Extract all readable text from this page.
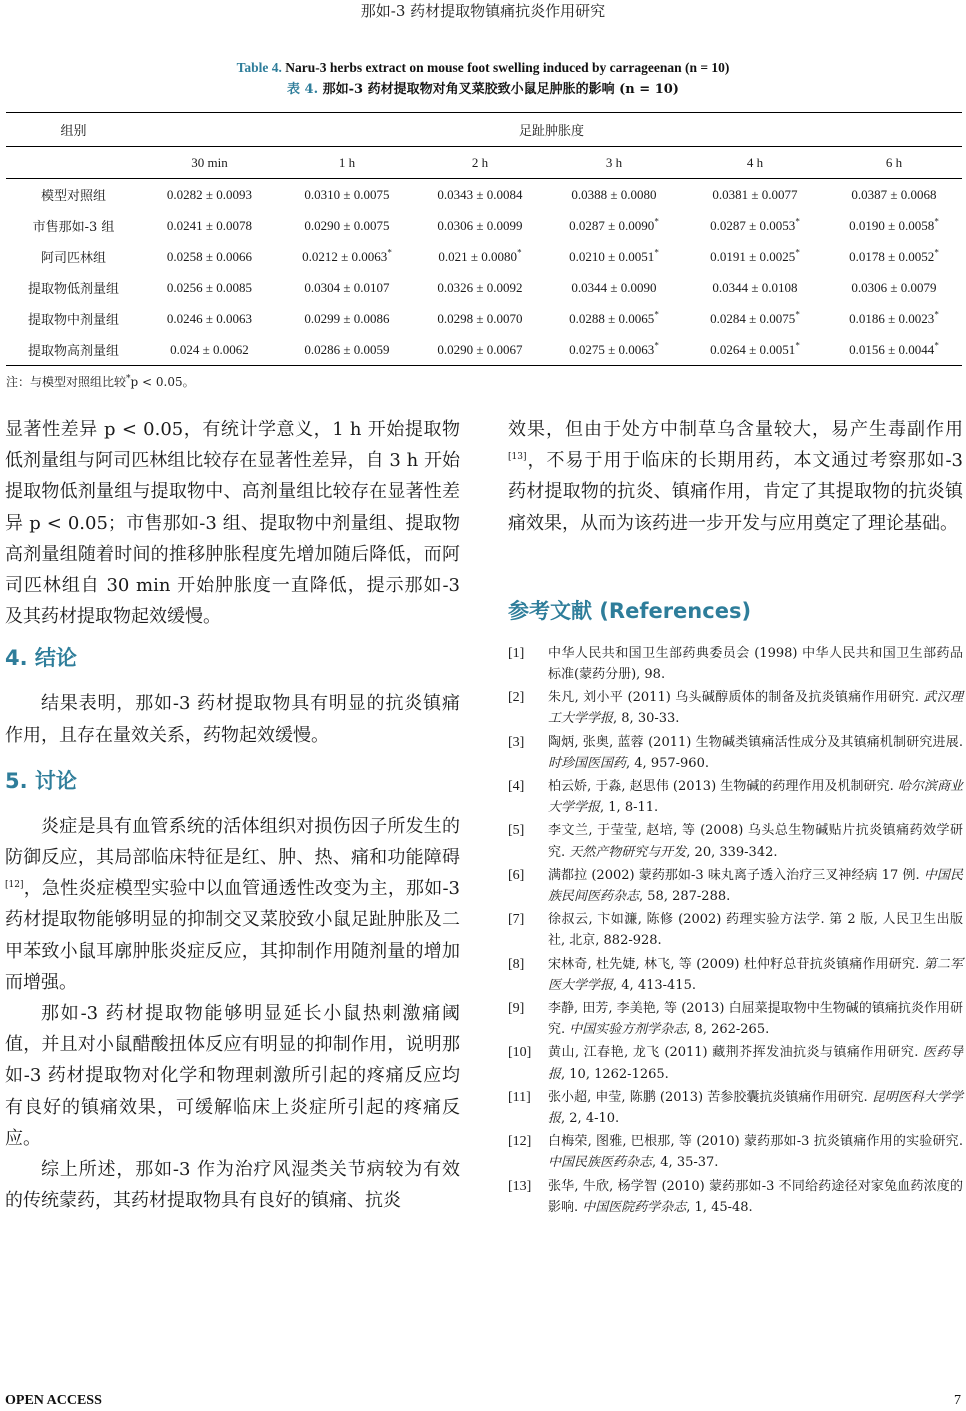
那如-3 药材提取物镇痛抗炎作用研究
Table 4. Naru-3 herbs extract on mouse foot swelling induced by carrageenan (n = 10)
表 4. 那如-3 药材提取物对角叉菜胶致小鼠足肿胀的影响 (n = 10)
组别	足趾肿胀度					
	30 min	1 h	2 h	3 h	4 h	6 h
模型对照组	0.0282 ± 0.0093	0.0310 ± 0.0075	0.0343 ± 0.0084	0.0388 ± 0.0080	0.0381 ± 0.0077	0.0387 ± 0.0068
市售那如-3 组	0.0241 ± 0.0078	0.0290 ± 0.0075	0.0306 ± 0.0099	0.0287 ± 0.0090*	0.0287 ± 0.0053*	0.0190 ± 0.0058*
阿司匹林组	0.0258 ± 0.0066	0.0212 ± 0.0063*	0.021 ± 0.0080*	0.0210 ± 0.0051*	0.0191 ± 0.0025*	0.0178 ± 0.0052*
提取物低剂量组	0.0256 ± 0.0085	0.0304 ± 0.0107	0.0326 ± 0.0092	0.0344 ± 0.0090	0.0344 ± 0.0108	0.0306 ± 0.0079
提取物中剂量组	0.0246 ± 0.0063	0.0299 ± 0.0086	0.0298 ± 0.0070	0.0288 ± 0.0065*	0.0284 ± 0.0075*	0.0186 ± 0.0023*
提取物高剂量组	0.024 ± 0.0062	0.0286 ± 0.0059	0.0290 ± 0.0067	0.0275 ± 0.0063*	0.0264 ± 0.0051*	0.0156 ± 0.0044*
注：与模型对照组比较*p < 0.05。

显著性差异 p < 0.05，有统计学意义，1 h 开始提取物低剂量组与阿司匹林组比较存在显著性差异，自 3 h 开始提取物低剂量组与提取物中、高剂量组比较存在显著性差异 p < 0.05；市售那如-3 组、提取物中剂量组、提取物高剂量组随着时间的推移肿胀程度先增加随后降低，而阿司匹林组自 30 min 开始肿胀度一直降低，提示那如-3 及其药材提取物起效缓慢。

4. 结论

结果表明，那如-3 药材提取物具有明显的抗炎镇痛作用，且存在量效关系，药物起效缓慢。

5. 讨论

炎症是具有血管系统的活体组织对损伤因子所发生的防御反应，其局部临床特征是红、肿、热、痛和功能障碍[12]，急性炎症模型实验中以血管通透性改变为主，那如-3 药材提取物能够明显的抑制交叉菜胶致小鼠足趾肿胀及二甲苯致小鼠耳廓肿胀炎症反应，其抑制作用随剂量的增加而增强。

那如-3 药材提取物能够明显延长小鼠热刺激痛阈值，并且对小鼠醋酸扭体反应有明显的抑制作用，说明那如-3 药材提取物对化学和物理刺激所引起的疼痛反应均有良好的镇痛效果，可缓解临床上炎症所引起的疼痛反应。

综上所述，那如-3 作为治疗风湿类关节病较为有效的传统蒙药，其药材提取物具有良好的镇痛、抗炎

效果，但由于处方中制草乌含量较大，易产生毒副作用[13]，不易于用于临床的长期用药，本文通过考察那如-3 药材提取物的抗炎、镇痛作用，肯定了其提取物的抗炎镇痛效果，从而为该药进一步开发与应用奠定了理论基础。

参考文献 (References)
[1]	中华人民共和国卫生部药典委员会 (1998) 中华人民共和国卫生部药品标准(蒙药分册), 98.
[2]	朱凡, 刘小平 (2011) 乌头碱醇质体的制备及抗炎镇痛作用研究. 武汉理工大学学报, 8, 30-33.
[3]	陶炳, 张奥, 蓝蓉 (2011) 生物碱类镇痛活性成分及其镇痛机制研究进展. 时珍国医国药, 4, 957-960.
[4]	柏云娇, 于淼, 赵思伟 (2013) 生物碱的药理作用及机制研究. 哈尔滨商业大学学报, 1, 8-11.
[5]	李文兰, 于莹莹, 赵培, 等 (2008) 乌头总生物碱贴片抗炎镇痛药效学研究. 天然产物研究与开发, 20, 339-342.
[6]	满都拉 (2002) 蒙药那如-3 味丸离子透入治疗三叉神经病 17 例. 中国民族民间医药杂志, 58, 287-288.
[7]	徐叔云, 卞如濂, 陈修 (2002) 药理实验方法学. 第 2 版, 人民卫生出版社, 北京, 882-928.
[8]	宋林奇, 杜先婕, 林飞, 等 (2009) 杜仲籽总苷抗炎镇痛作用研究. 第二军医大学学报, 4, 413-415.
[9]	李静, 田芳, 李美艳, 等 (2013) 白屈菜提取物中生物碱的镇痛抗炎作用研究. 中国实验方剂学杂志, 8, 262-265.
[10]	黄山, 江春艳, 龙飞 (2011) 藏荆芥挥发油抗炎与镇痛作用研究. 医药导报, 10, 1262-1265.
[11]	张小超, 申莹, 陈鹏 (2013) 苦参胶囊抗炎镇痛作用研究. 昆明医科大学学报, 2, 4-10.
[12]	白梅荣, 图雅, 巴根那, 等 (2010) 蒙药那如-3 抗炎镇痛作用的实验研究. 中国民族医药杂志, 4, 35-37.
[13]	张华, 牛欣, 杨学智 (2010) 蒙药那如-3 不同给药途径对家兔血药浓度的影响. 中国医院药学杂志, 1, 45-48.
OPEN ACCESS	7
